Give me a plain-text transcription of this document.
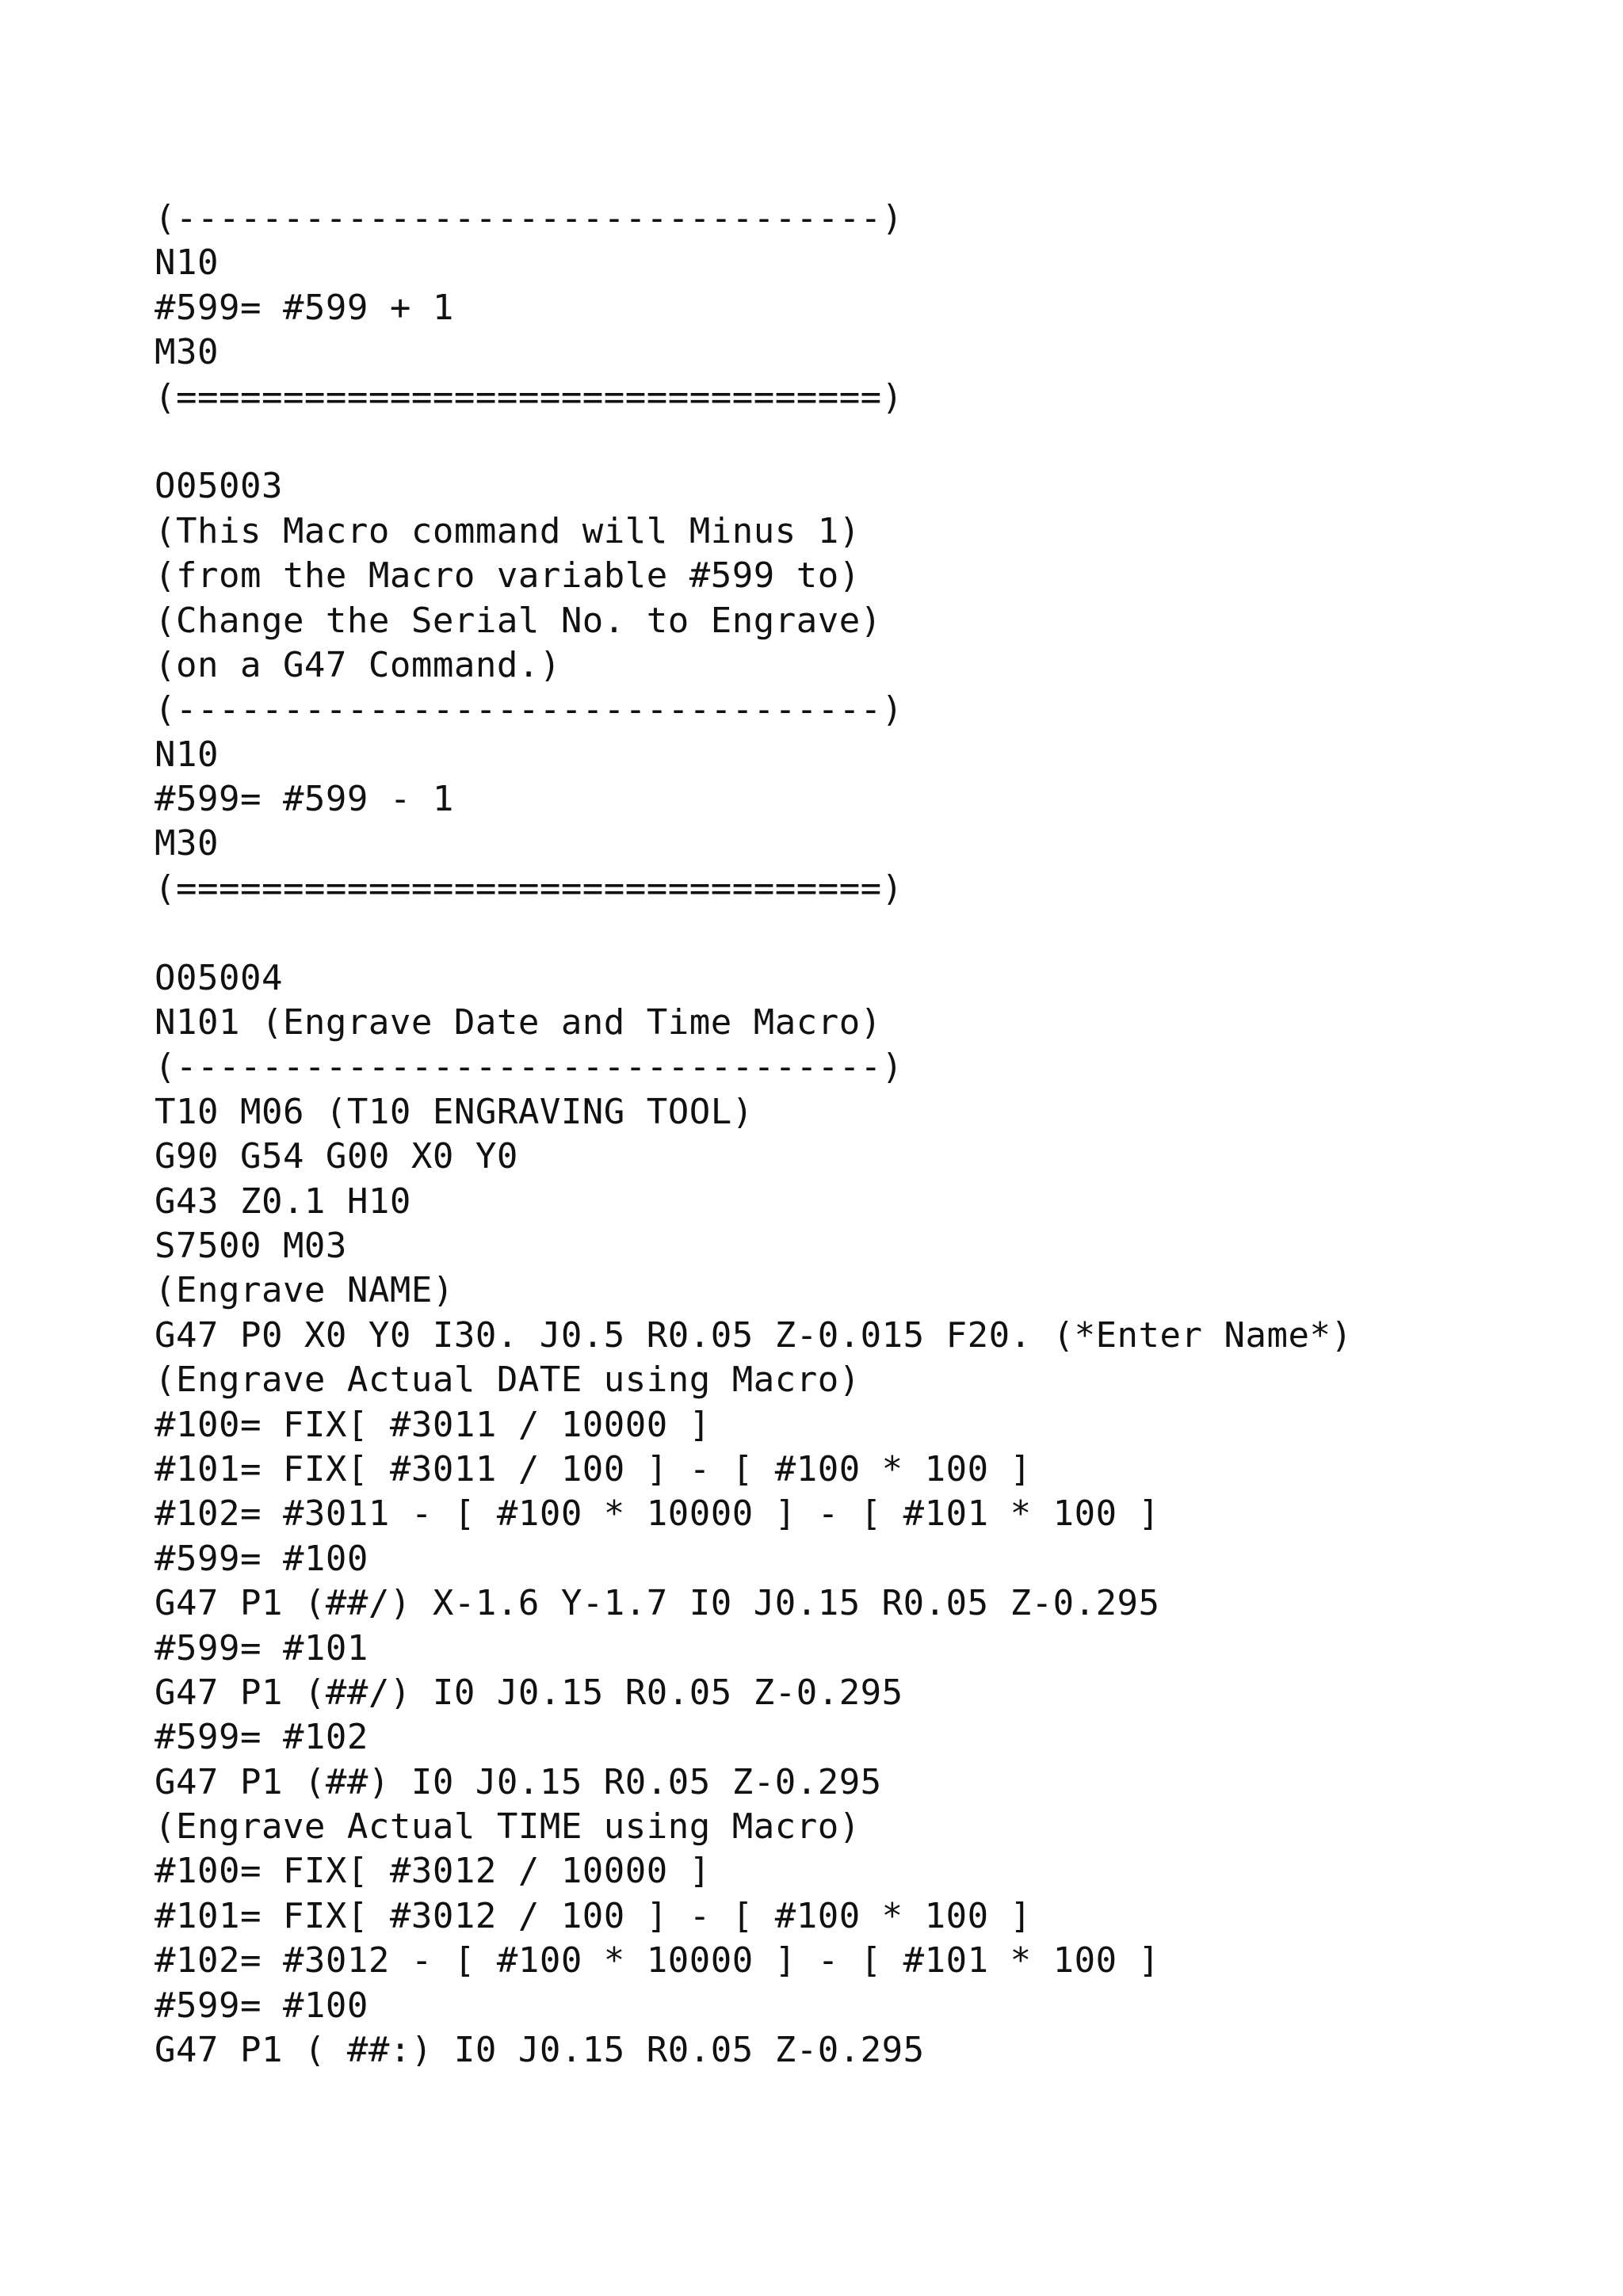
(---------------------------------)
N10
#599= #599 + 1
M30
(=================================)
O05003
(This Macro command will Minus 1)
(from the Macro variable #599 to)
(Change the Serial No. to Engrave)
(on a G47 Command.)
(---------------------------------)
N10
#599= #599 - 1
M30
(=================================)
O05004
N101 (Engrave Date and Time Macro)
(---------------------------------)
T10 M06 (T10 ENGRAVING TOOL)
G90 G54 G00 X0 Y0
G43 Z0.1 H10
S7500 M03
(Engrave NAME)
G47 P0 X0 Y0 I30. J0.5 R0.05 Z-0.015 F20. (*Enter Name*)
(Engrave Actual DATE using Macro)
#100= FIX[ #3011 / 10000 ]
#101= FIX[ #3011 / 100 ] - [ #100 * 100 ]
#102= #3011 - [ #100 * 10000 ] - [ #101 * 100 ]
#599= #100
G47 P1 (##/) X-1.6 Y-1.7 I0 J0.15 R0.05 Z-0.295
#599= #101
G47 P1 (##/) I0 J0.15 R0.05 Z-0.295
#599= #102
G47 P1 (##) I0 J0.15 R0.05 Z-0.295
(Engrave Actual TIME using Macro)
#100= FIX[ #3012 / 10000 ]
#101= FIX[ #3012 / 100 ] - [ #100 * 100 ]
#102= #3012 - [ #100 * 10000 ] - [ #101 * 100 ]
#599= #100
G47 P1 ( ##:) I0 J0.15 R0.05 Z-0.295
